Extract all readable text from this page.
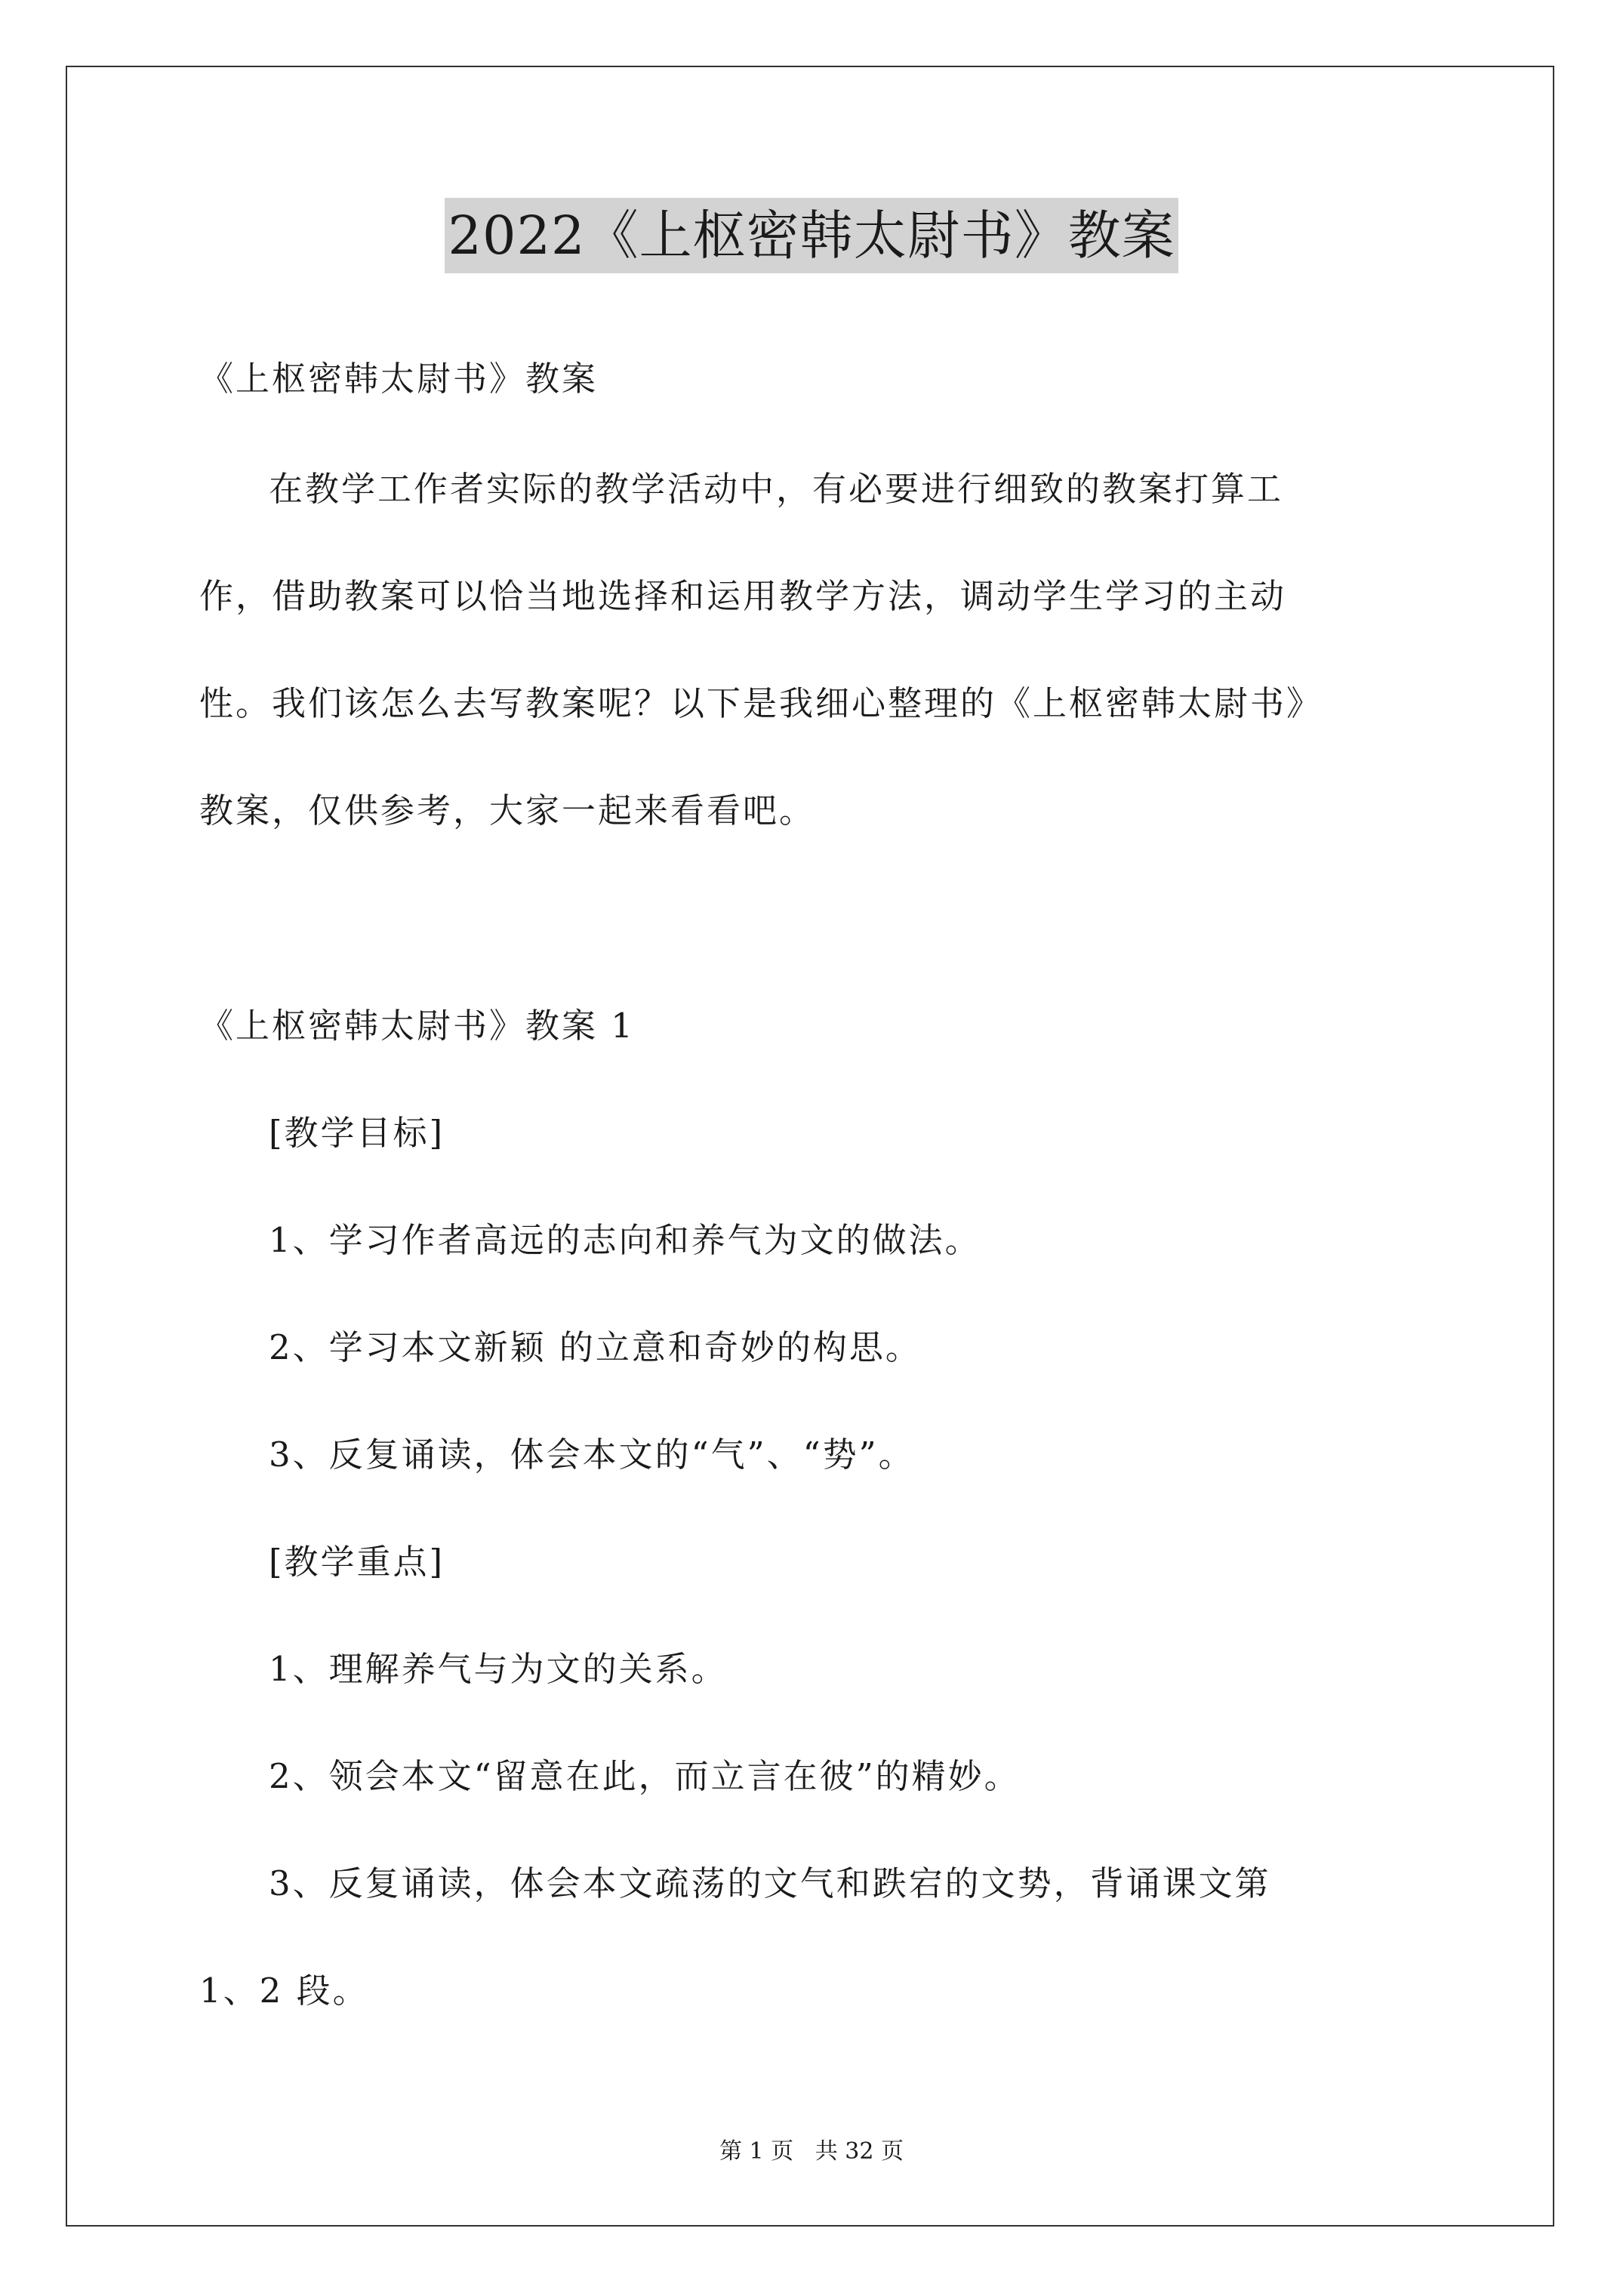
2022《上枢密韩太尉书》教案
《上枢密韩太尉书》教案
在教学工作者实际的教学活动中，有必要进行细致的教案打算工
作，借助教案可以恰当地选择和运用教学方法，调动学生学习的主动
性。我们该怎么去写教案呢？以下是我细心整理的《上枢密韩太尉书》
教案，仅供参考，大家一起来看看吧。
《上枢密韩太尉书》教案 1
[教学目标]
1、学习作者高远的志向和养气为文的做法。
2、学习本文新颖 的立意和奇妙的构思。
3、反复诵读，体会本文的“气”、“势”。
[教学重点]
1、理解养气与为文的关系。
2、领会本文“留意在此，而立言在彼”的精妙。
3、反复诵读，体会本文疏荡的文气和跌宕的文势，背诵课文第
1、2 段。
第 1 页   共 32 页
